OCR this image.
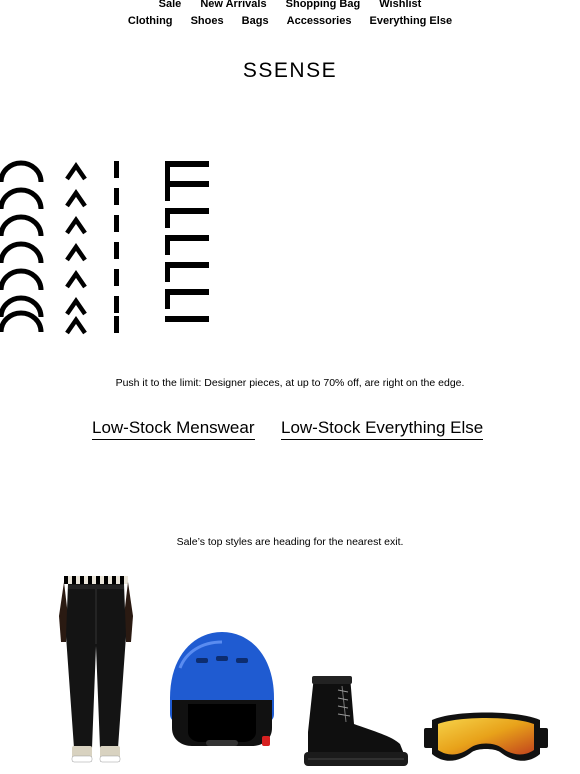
Sale New Arrivals Shopping Bag Wishlist
Clothing Shoes Bags Accessories Everything Else
SSENSE
Push it to the limit: Designer pieces, at up to 70% off, are right on the edge.
Low-Stock Menswear Low-Stock Everything Else
Sale’s top styles are heading for the nearest exit.
